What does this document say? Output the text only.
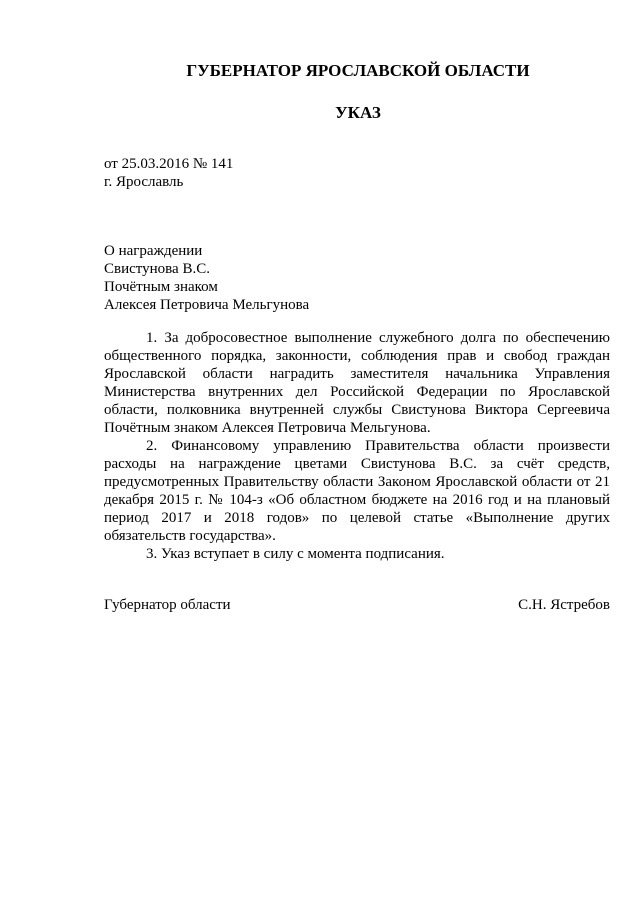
ГУБЕРНАТОР ЯРОСЛАВСКОЙ ОБЛАСТИ
УКАЗ
от 25.03.2016 № 141
г. Ярославль
О награждении
Свистунова В.С.
Почётным знаком
Алексея Петровича Мельгунова

1. За добросовестное выполнение служебного долга по обеспечению общественного порядка, законности, соблюдения прав и свобод граждан Ярославской области наградить заместителя начальника Управления Министерства внутренних дел Российской Федерации по Ярославской области, полковника внутренней службы Свистунова Виктора Сергеевича Почётным знаком Алексея Петровича Мельгунова.

2. Финансовому управлению Правительства области произвести расходы на награждение цветами Свистунова В.С. за счёт средств, предусмотренных Правительству области Законом Ярославской области от 21 декабря 2015 г. № 104-з «Об областном бюджете на 2016 год и на плановый период 2017 и 2018 годов» по целевой статье «Выполнение других обязательств государства».

3. Указ вступает в силу с момента подписания.

Губернатор области	С.Н. Ястребов
